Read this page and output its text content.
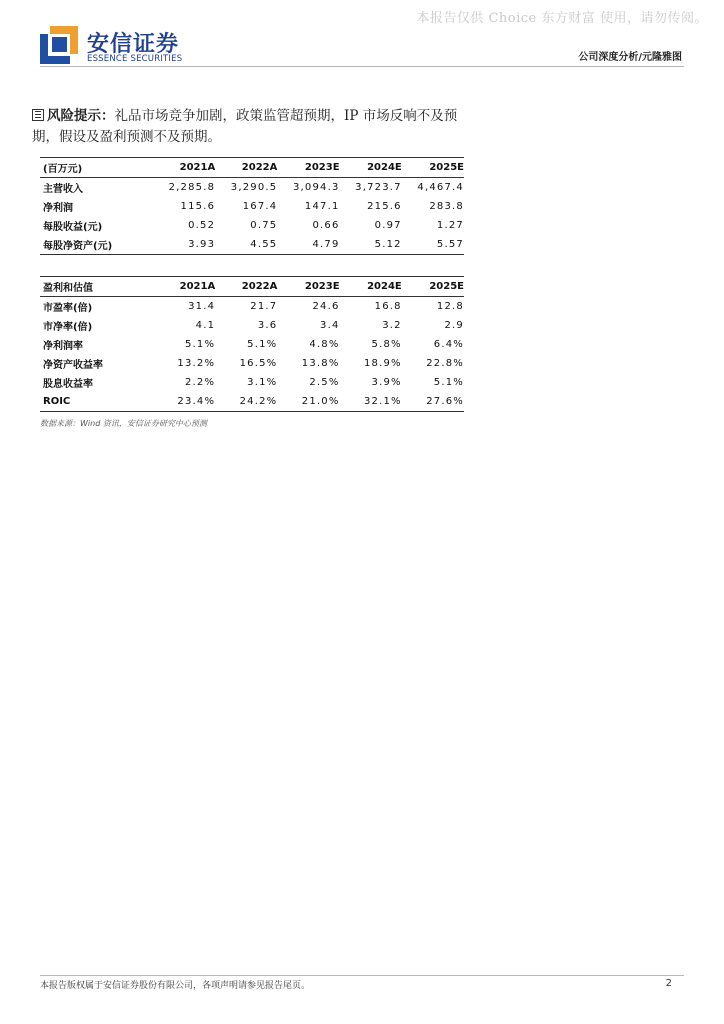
本报告仅供 Choice 东方财富 使用，请勿传阅。
安信证券
ESSENCE SECURITIES	公司深度分析/元隆雅图
风险提示：礼品市场竞争加剧，政策监管超预期，IP 市场反响不及预期，假设及盈利预测不及预期。
(百万元)	2021A	2022A	2023E	2024E	2025E
主营收入	2,285.8	3,290.5	3,094.3	3,723.7	4,467.4
净利润	115.6	167.4	147.1	215.6	283.8
每股收益(元)	0.52	0.75	0.66	0.97	1.27
每股净资产(元)	3.93	4.55	4.79	5.12	5.57
盈利和估值	2021A	2022A	2023E	2024E	2025E
市盈率(倍)	31.4	21.7	24.6	16.8	12.8
市净率(倍)	4.1	3.6	3.4	3.2	2.9
净利润率	5.1%	5.1%	4.8%	5.8%	6.4%
净资产收益率	13.2%	16.5%	13.8%	18.9%	22.8%
股息收益率	2.2%	3.1%	2.5%	3.9%	5.1%
ROIC	23.4%	24.2%	21.0%	32.1%	27.6%
数据来源：Wind 资讯，安信证券研究中心预测
本报告版权属于安信证券股份有限公司，各项声明请参见报告尾页。	2
